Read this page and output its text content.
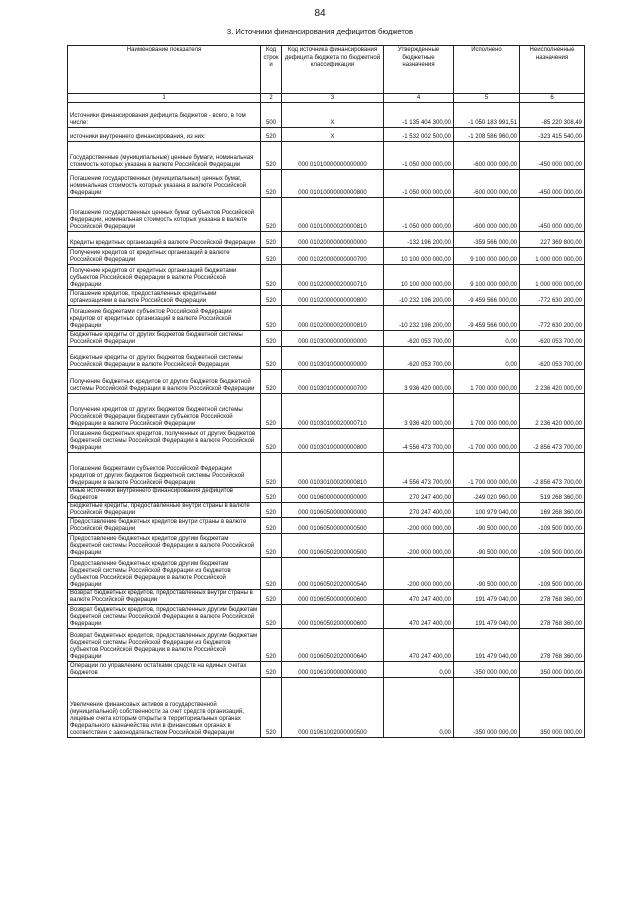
84
3. Источники финансирования дефицитов бюджетов
Наименование показателя	Код строк и	Код источника финансирования дефицита бюджета по бюджетной классификации	Утвержденные бюджетные назначения	Исполнено	Неисполненные назначения
1	2	3	4	5	6
Источники финансирования дефицита бюджетов - всего, в том числе:	500	X	-1 135 404 300,00	-1 050 183 991,51	-85 220 308,49
источники внутреннего финансирования, из них:	520	X	-1 532 002 500,00	-1 208 586 960,00	-323 415 540,00
Государственные (муниципальные) ценные бумаги, номинальная стоимость которых указана в валюте Российской Федерации	520	000 01010000000000000	-1 050 000 000,00	-600 000 000,00	-450 000 000,00
Погашение государственных (муниципальных) ценных бумаг, номинальная стоимость которых указана в валюте Российской Федерации	520	000 01010000000000800	-1 050 000 000,00	-600 000 000,00	-450 000 000,00
Погашение государственных ценных бумаг субъектов Российской Федерации, номинальная стоимость которых указана в валюте Российской Федерации	520	000 01010000020000810	-1 050 000 000,00	-600 000 000,00	-450 000 000,00
Кредиты кредитных организаций в валюте Российской Федерации	520	000 01020000000000000	-132 196 200,00	-359 566 000,00	227 369 800,00
Получение кредитов от кредитных организаций в валюте Российской Федерации	520	000 01020000000000700	10 100 000 000,00	9 100 000 000,00	1 000 000 000,00
Получение кредитов от кредитных организаций бюджетами субъектов Российской Федерации в валюте Российской Федерации	520	000 01020000020000710	10 100 000 000,00	9 100 000 000,00	1 000 000 000,00
Погашение кредитов, предоставленных кредитными организациями в валюте Российской Федерации	520	000 01020000000000800	-10 232 196 200,00	-9 459 566 000,00	-772 630 200,00
Погашение бюджетами субъектов Российской Федерации кредитов от кредитных организаций в валюте Российской Федерации	520	000 01020000020000810	-10 232 196 200,00	-9 459 566 000,00	-772 630 200,00
Бюджетные кредиты от других бюджетов бюджетной системы Российской Федерации	520	000 01030000000000000	-620 053 700,00	0,00	-620 053 700,00
Бюджетные кредиты от других бюджетов бюджетной системы Российской Федерации в валюте Российской Федерации	520	000 01030100000000000	-620 053 700,00	0,00	-620 053 700,00
Получение бюджетных кредитов от других бюджетов бюджетной системы Российской Федерации в валюте Российской Федерации	520	000 01030100000000700	3 936 420 000,00	1 700 000 000,00	2 236 420 000,00
Получение кредитов от других бюджетов бюджетной системы Российской Федерации бюджетами субъектов Российской Федерации в валюте Российской Федерации	520	000 01030100020000710	3 936 420 000,00	1 700 000 000,00	2 236 420 000,00
Погашение бюджетных кредитов, полученных от других бюджетов бюджетной системы Российской Федерации в валюте Российской Федерации	520	000 01030100000000800	-4 556 473 700,00	-1 700 000 000,00	-2 856 473 700,00
Погашение бюджетами субъектов Российской Федерации кредитов от других бюджетов бюджетной системы Российской Федерации в валюте Российской Федерации	520	000 01030100020000810	-4 556 473 700,00	-1 700 000 000,00	-2 856 473 700,00
Иные источники внутреннего финансирования дефицитов бюджетов	520	000 01060000000000000	270 247 400,00	-249 020 960,00	519 268 360,00
Бюджетные кредиты, предоставленные внутри страны в валюте Российской Федерации	520	000 01060500000000000	270 247 400,00	100 979 040,00	169 268 360,00
Предоставление бюджетных кредитов внутри страны в валюте Российской Федерации	520	000 01060500000000500	-200 000 000,00	-90 500 000,00	-109 500 000,00
Предоставление бюджетных кредитов другим бюджетам бюджетной системы Российской Федерации в валюте Российской Федерации	520	000 01060502000000500	-200 000 000,00	-90 500 000,00	-109 500 000,00
Предоставление бюджетных кредитов другим бюджетам бюджетной системы Российской Федерации из бюджетов субъектов Российской Федерации в валюте Российской Федерации	520	000 01060502020000540	-200 000 000,00	-90 500 000,00	-109 500 000,00
Возврат бюджетных кредитов, предоставленных внутри страны в валюте Российской Федерации	520	000 01060500000000600	470 247 400,00	191 479 040,00	278 768 360,00
Возврат бюджетных кредитов, предоставленных другим бюджетам бюджетной системы Российской Федерации в валюте Российской Федерации	520	000 01060502000000600	470 247 400,00	191 479 040,00	278 768 360,00
Возврат бюджетных кредитов, предоставленных другим бюджетам бюджетной системы Российской Федерации из бюджетов субъектов Российской Федерации в валюте Российской Федерации	520	000 01060502020000640	470 247 400,00	191 479 040,00	278 768 360,00
Операции по управлению остатками средств на единых счетах бюджетов	520	000 01061000000000000	0,00	-350 000 000,00	350 000 000,00
Увеличение финансовых активов в государственной (муниципальной) собственности за счет средств организаций, лицевые счета которым открыты в территориальных органах Федерального казначейства или в финансовых органах в соответствии с законодательством Российской Федерации	520	000 01061002000000500	0,00	-350 000 000,00	350 000 000,00
